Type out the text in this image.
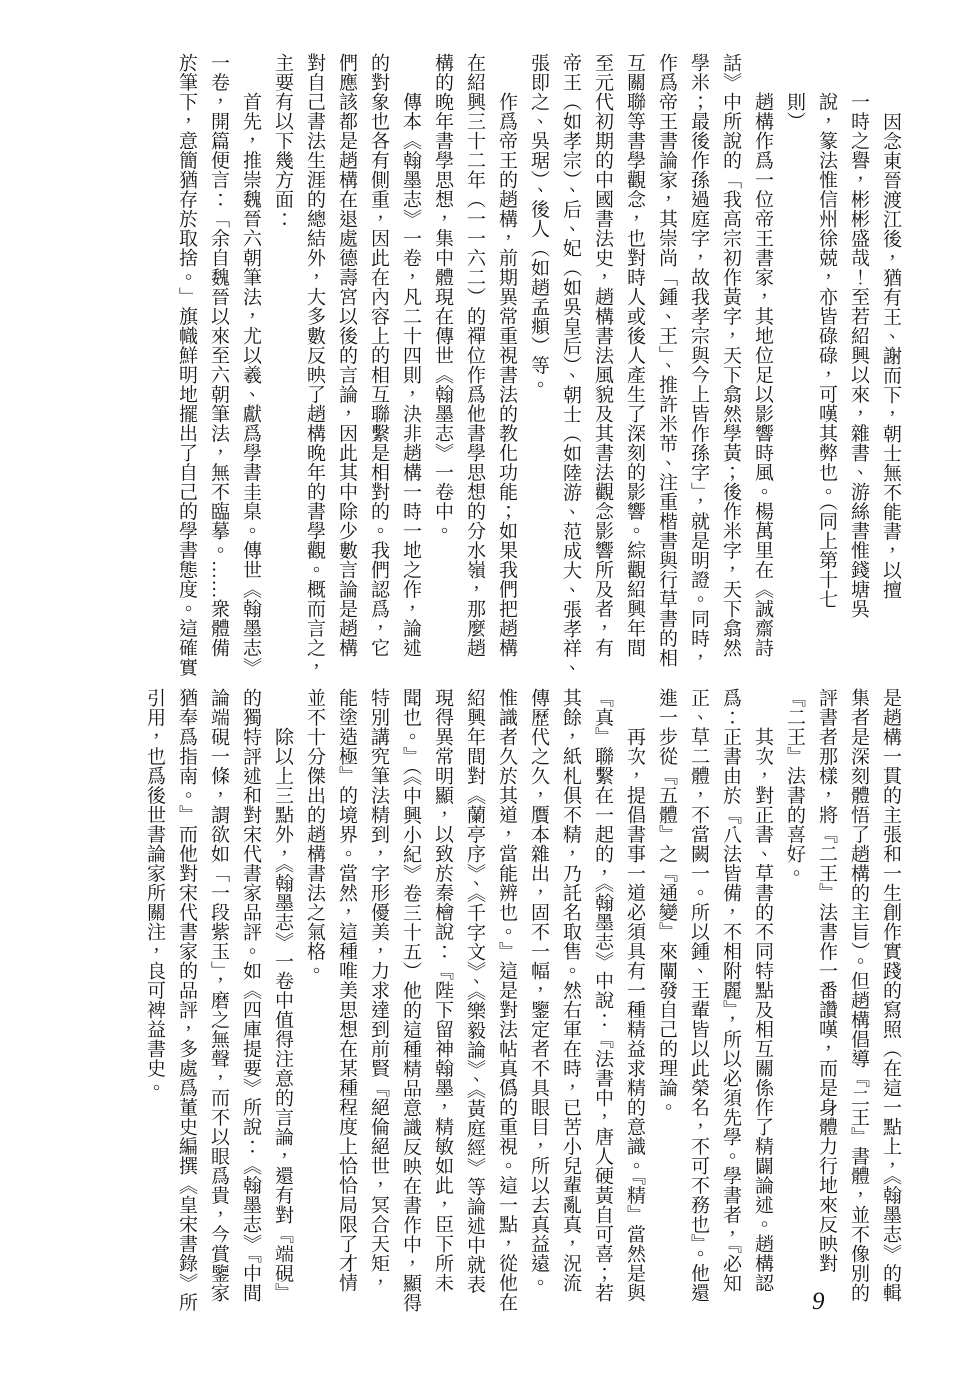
因念東晉渡江後，猶有王、謝而下，朝士無不能書，以擅
一時之譽，彬彬盛哉！至若紹興以來，雜書、游絲書惟錢塘吳
說，篆法惟信州徐兢，亦皆碌碌，可嘆其弊也。（同上第十七
則）
趙構作爲一位帝王書家，其地位足以影響時風。楊萬里在《誠齋詩
話》中所說的「我高宗初作黃字，天下翕然學黃；後作米字，天下翕然
學米；最後作孫過庭字，故我孝宗與今上皆作孫字」，就是明證。同時，
作爲帝王書論家，其崇尚「鍾、王」、推許米芾、注重楷書與行草書的相
互關聯等書學觀念，也對時人或後人產生了深刻的影響。綜觀紹興年間
至元代初期的中國書法史，趙構書法風貌及其書法觀念影響所及者，有
帝王（如孝宗）、后、妃（如吳皇后）、朝士（如陸游、范成大、張孝祥、
張即之、吳琚）、後人（如趙孟頫）等。
作爲帝王的趙構，前期異常重視書法的教化功能；如果我們把趙構
在紹興三十二年（一一六二）的禪位作爲他書學思想的分水嶺，那麼趙
構的晚年書學思想，集中體現在傳世《翰墨志》一卷中。
傳本《翰墨志》一卷，凡二十四則，決非趙構一時一地之作，論述
的對象也各有側重，因此在內容上的相互聯繫是相對的。我們認爲，它
們應該都是趙構在退處德壽宮以後的言論，因此其中除少數言論是趙構
對自己書法生涯的總結外，大多數反映了趙構晚年的書學觀。概而言之，
主要有以下幾方面：
首先，推崇魏晉六朝筆法，尤以羲、獻爲學書圭臬。傳世《翰墨志》
一卷，開篇便言：「余自魏晉以來至六朝筆法，無不臨摹。……衆體備
於筆下，意簡猶存於取捨。」旗幟鮮明地擺出了自己的學書態度。這確實
是趙構一貫的主張和一生創作實踐的寫照（在這一點上，《翰墨志》的輯
集者是深刻體悟了趙構的主旨）。但趙構倡導『二王』書體，並不像別的
評書者那樣，將『二王』法書作一番讚嘆，而是身體力行地來反映對
『二王』法書的喜好。
其次，對正書、草書的不同特點及相互關係作了精闢論述。趙構認
爲：正書由於『八法皆備，不相附麗』，所以必須先學。學書者，『必知
正、草二體，不當闕一。所以鍾、王輩皆以此榮名，不可不務也』。他還
進一步從『五體』之『通變』來闡發自己的理論。
再次，提倡書事一道必須具有一種精益求精的意識。『精』當然是與
『真』聯繫在一起的，《翰墨志》中說：『法書中，唐人硬黃自可喜；若
其餘，紙札俱不精，乃託名取售。然右軍在時，已苦小兒輩亂真，況流
傳歷代之久，贋本雜出，固不一幅，鑒定者不具眼目，所以去真益遠。
惟識者久於其道，當能辨也。』這是對法帖真僞的重視。這一點，從他在
紹興年間對《蘭亭序》、《千字文》、《樂毅論》、《黃庭經》等論述中就表
現得異常明顯，以致於秦檜說：『陛下留神翰墨，精敏如此，臣下所未
聞也。』（《中興小紀》卷三十五）他的這種精品意識反映在書作中，顯得
特別講究筆法精到，字形優美，力求達到前賢『絕倫絕世，冥合天矩，
能塗造極』的境界。當然，這種唯美思想在某種程度上恰恰局限了才情
並不十分傑出的趙構書法之氣格。
除以上三點外，《翰墨志》一卷中值得注意的言論，還有對『端硯』
的獨特評述和對宋代書家品評。如《四庫提要》所說：《翰墨志》『中間
論端硯一條，謂欲如「一段紫玉」，磨之無聲，而不以眼爲貴，今賞鑒家
猶奉爲指南。』而他對宋代書家的品評，多處爲董史編撰《皇宋書錄》所
引用，也爲後世書論家所關注，良可裨益書史。
9
